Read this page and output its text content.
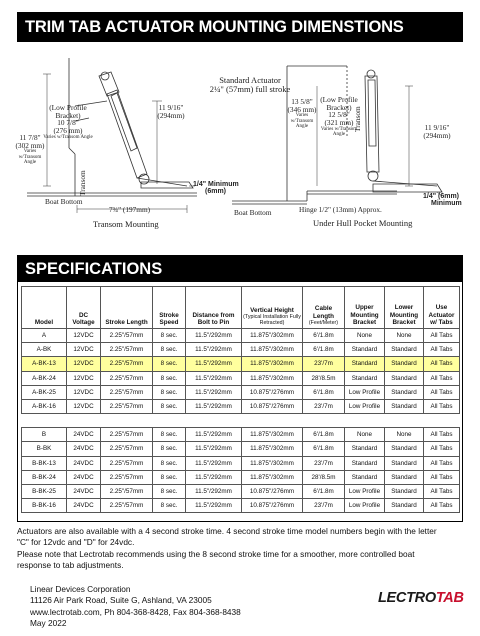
TRIM TAB ACTUATOR MOUNTING DIMENSTIONS
Standard Actuator
2¼" (57mm) full stroke
11 7/8"
(302 mm)
Varies w/Transom Angle
(Low Profile
Bracket)
10 7/8"
(276 mm)
Varies w/Transom Angle
11 9/16"
(294mm)
Transom	1/4" Minimum
(6mm)
Boat Bottom
7¾" (197mm)
Transom Mounting
13 5/8"
(346 mm)
Varies w/Transom Angle
(Low Profile
Bracket)
12 5/8"
(321 mm)
Varies w/Transom Angle
Transom	11 9/16"
(294mm)
1/4" (6mm)
Minimum
Boat Bottom	Hinge 1/2" (13mm) Approx.
Under Hull Pocket Mounting
SPECIFICATIONS
Model	DC Voltage	Stroke Length	Stroke Speed	Distance from Bolt to Pin	Vertical Height
(Typical Installation Fully Retracted)	Cable Length
(Feet/Meter)	Upper Mounting Bracket	Lower Mounting Bracket	Use Actuator w/ Tabs
A	12VDC	2.25"/57mm	8 sec.	11.5"/292mm	11.875"/302mm	6'/1.8m	None	None	All Tabs
A-BK	12VDC	2.25"/57mm	8 sec.	11.5"/292mm	11.875"/302mm	6'/1.8m	Standard	Standard	All Tabs
A-BK-13	12VDC	2.25"/57mm	8 sec.	11.5"/292mm	11.875"/302mm	23'/7m	Standard	Standard	All Tabs
A-BK-24	12VDC	2.25"/57mm	8 sec.	11.5"/292mm	11.875"/302mm	28'/8.5m	Standard	Standard	All Tabs
A-BK-25	12VDC	2.25"/57mm	8 sec.	11.5"/292mm	10.875"/276mm	6'/1.8m	Low Profile	Standard	All Tabs
A-BK-16	12VDC	2.25"/57mm	8 sec.	11.5"/292mm	10.875"/276mm	23'/7m	Low Profile	Standard	All Tabs

B	24VDC	2.25"/57mm	8 sec.	11.5"/292mm	11.875"/302mm	6'/1.8m	None	None	All Tabs
B-BK	24VDC	2.25"/57mm	8 sec.	11.5"/292mm	11.875"/302mm	6'/1.8m	Standard	Standard	All Tabs
B-BK-13	24VDC	2.25"/57mm	8 sec.	11.5"/292mm	11.875"/302mm	23'/7m	Standard	Standard	All Tabs
B-BK-24	24VDC	2.25"/57mm	8 sec.	11.5"/292mm	11.875"/302mm	28'/8.5m	Standard	Standard	All Tabs
B-BK-25	24VDC	2.25"/57mm	8 sec.	11.5"/292mm	10.875"/276mm	6'/1.8m	Low Profile	Standard	All Tabs
B-BK-16	24VDC	2.25"/57mm	8 sec.	11.5"/292mm	10.875"/276mm	23'/7m	Low Profile	Standard	All Tabs
Actuators are also available with a 4 second stroke time. 4 second stroke time model numbers begin with the letter
"C" for 12vdc and "D" for 24vdc.
Please note that Lectrotab recommends using the 8 second stroke time for a smoother, more controlled boat
response to tab adjustments.
Linear Devices Corporation
11126 Air Park Road, Suite G, Ashland, VA 23005
www.lectrotab.com, Ph 804-368-8428, Fax 804-368-8438
May 2022
LECTROTAB
